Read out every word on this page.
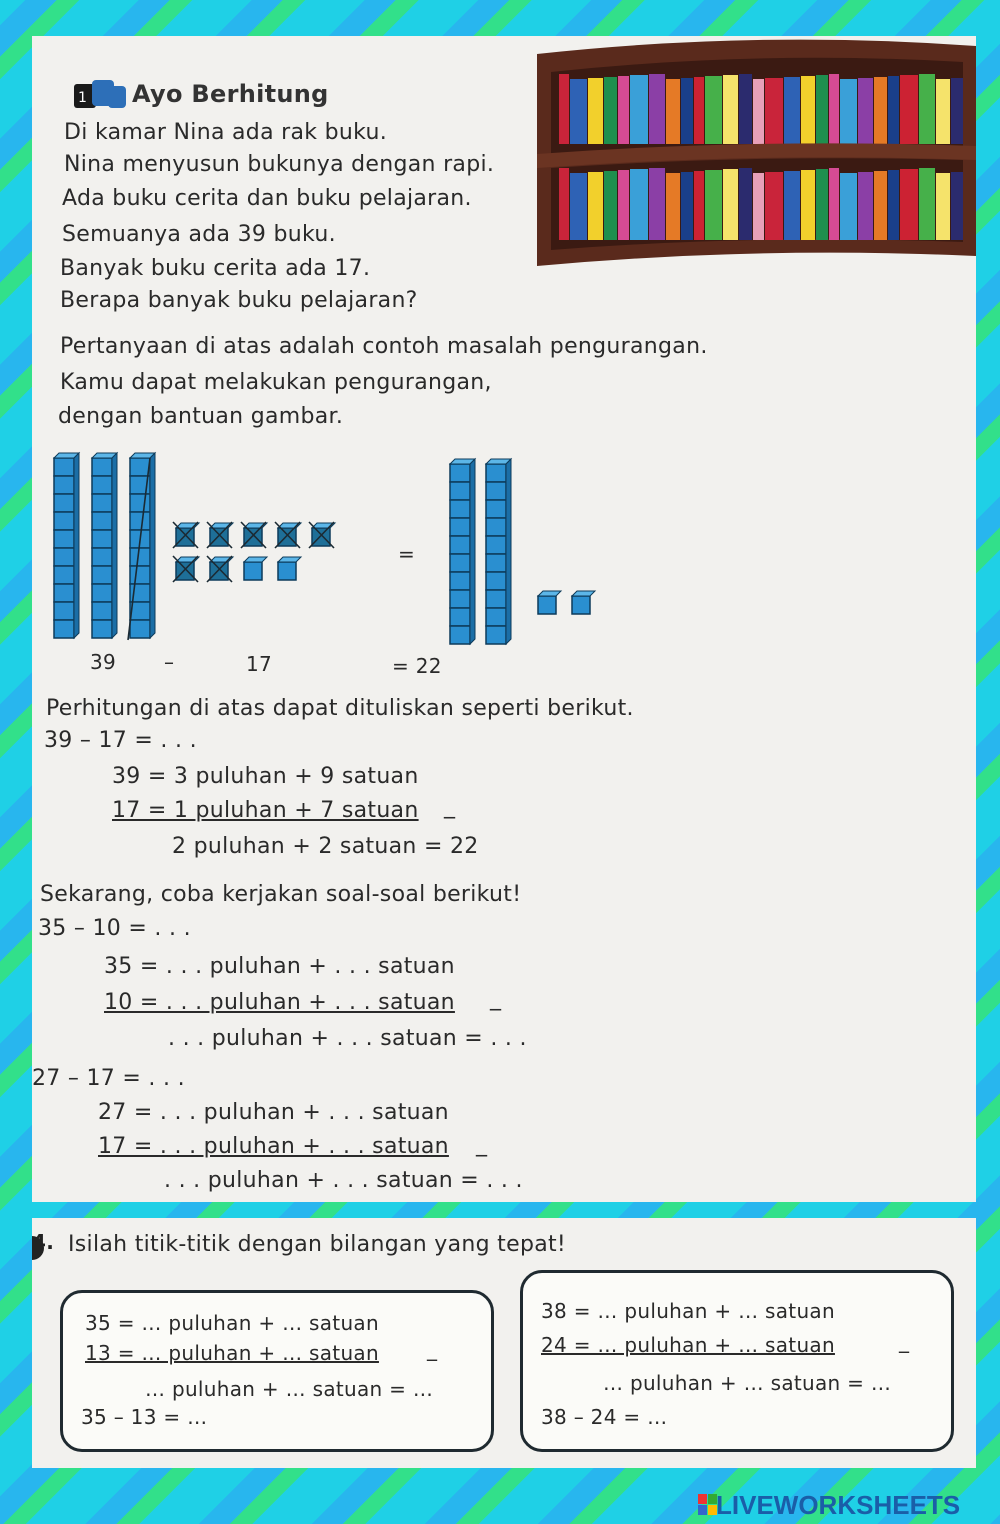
1 Ayo Berhitung
Di kamar Nina ada rak buku.
Nina menyusun bukunya dengan rapi.
Ada buku cerita dan buku pelajaran.
Semuanya ada 39 buku.
Banyak buku cerita ada 17.
Berapa banyak buku pelajaran?
Pertanyaan di atas adalah contoh masalah pengurangan.
Kamu dapat melakukan pengurangan,
dengan bantuan gambar.
=
39 –	17	= 22
Perhitungan di atas dapat dituliskan seperti berikut.
39 – 17 = . . .
39 = 3 puluhan + 9 satuan
17 = 1 puluhan + 7 satuan _
2 puluhan + 2 satuan = 22
Sekarang, coba kerjakan soal-soal berikut!
35 – 10 = . . .
35 = . . . puluhan + . . . satuan
10 = . . . puluhan + . . . satuan _
. . . puluhan + . . . satuan = . . .
27 – 17 = . . .
27 = . . . puluhan + . . . satuan
17 = . . . puluhan + . . . satuan _
. . . puluhan + . . . satuan = . . .
4. Isilah titik-titik dengan bilangan yang tepat!
35 = … puluhan + … satuan
13 = … puluhan + … satuan _
… puluhan + … satuan = …
35 – 13 = …
38 = … puluhan + … satuan
24 = … puluhan + … satuan	_
… puluhan + … satuan = …
38 – 24 = …
LIVEWORKSHEETS
